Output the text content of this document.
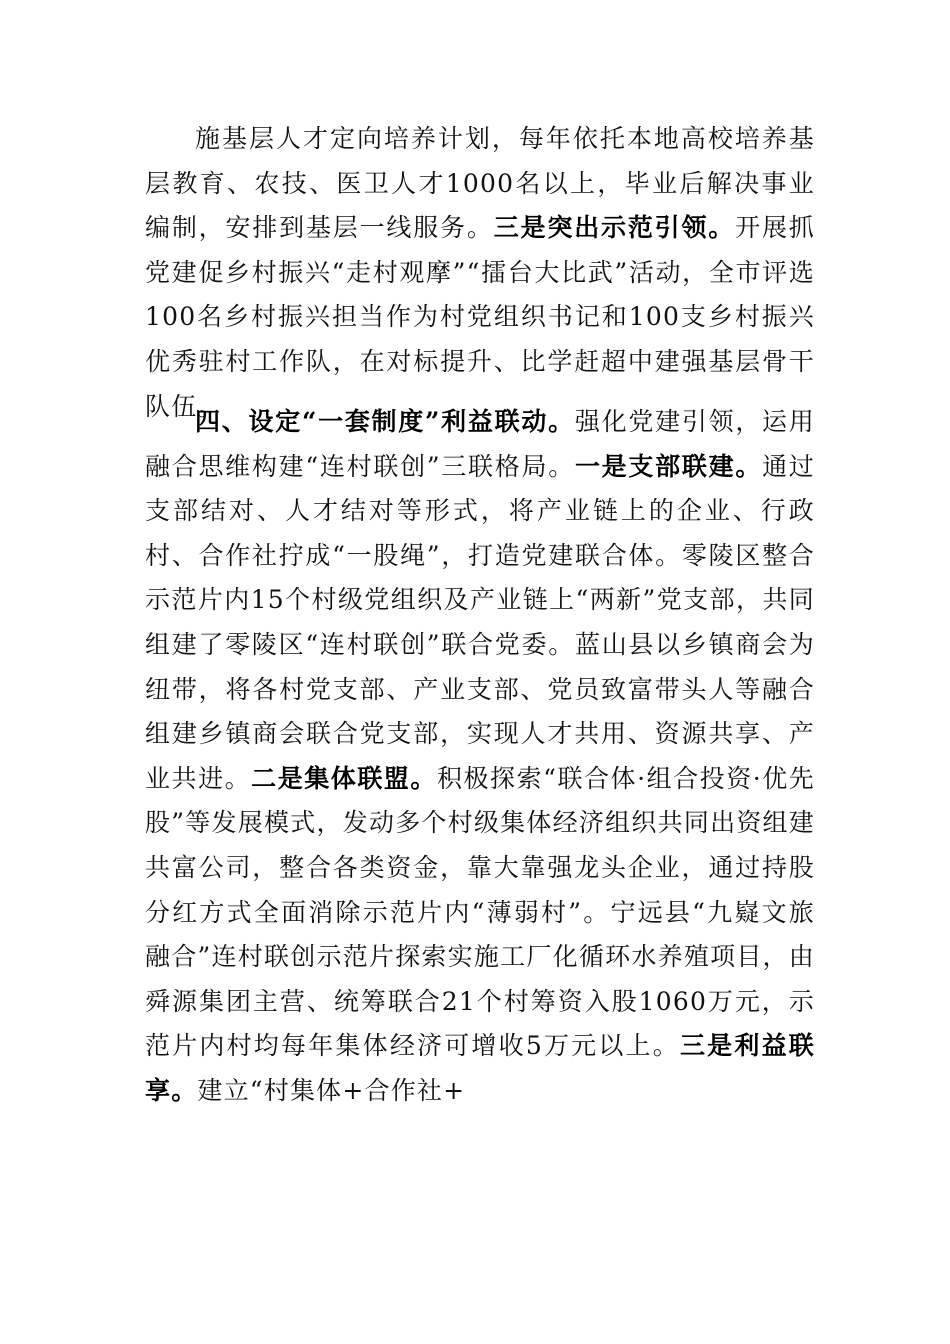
施基层人才定向培养计划，每年依托本地高校培养基层教育、农技、医卫人才1000名以上，毕业后解决事业编制，安排到基层一线服务。三是突出示范引领。开展抓党建促乡村振兴“走村观摩”“擂台大比武”活动，全市评选100名乡村振兴担当作为村党组织书记和100支乡村振兴优秀驻村工作队，在对标提升、比学赶超中建强基层骨干队伍。

四、设定“一套制度”利益联动。强化党建引领，运用融合思维构建“连村联创”三联格局。一是支部联建。通过支部结对、人才结对等形式，将产业链上的企业、行政村、合作社拧成“一股绳”，打造党建联合体。零陵区整合示范片内15个村级党组织及产业链上“两新”党支部，共同组建了零陵区“连村联创”联合党委。蓝山县以乡镇商会为纽带，将各村党支部、产业支部、党员致富带头人等融合组建乡镇商会联合党支部，实现人才共用、资源共享、产业共进。二是集体联盟。积极探索“联合体·组合投资·优先股”等发展模式，发动多个村级集体经济组织共同出资组建共富公司，整合各类资金，靠大靠强龙头企业，通过持股分红方式全面消除示范片内“薄弱村”。宁远县“九嶷文旅融合”连村联创示范片探索实施工厂化循环水养殖项目，由舜源集团主营、统筹联合21个村筹资入股1060万元，示范片内村均每年集体经济可增收5万元以上。三是利益联享。建立“村集体+合作社+
